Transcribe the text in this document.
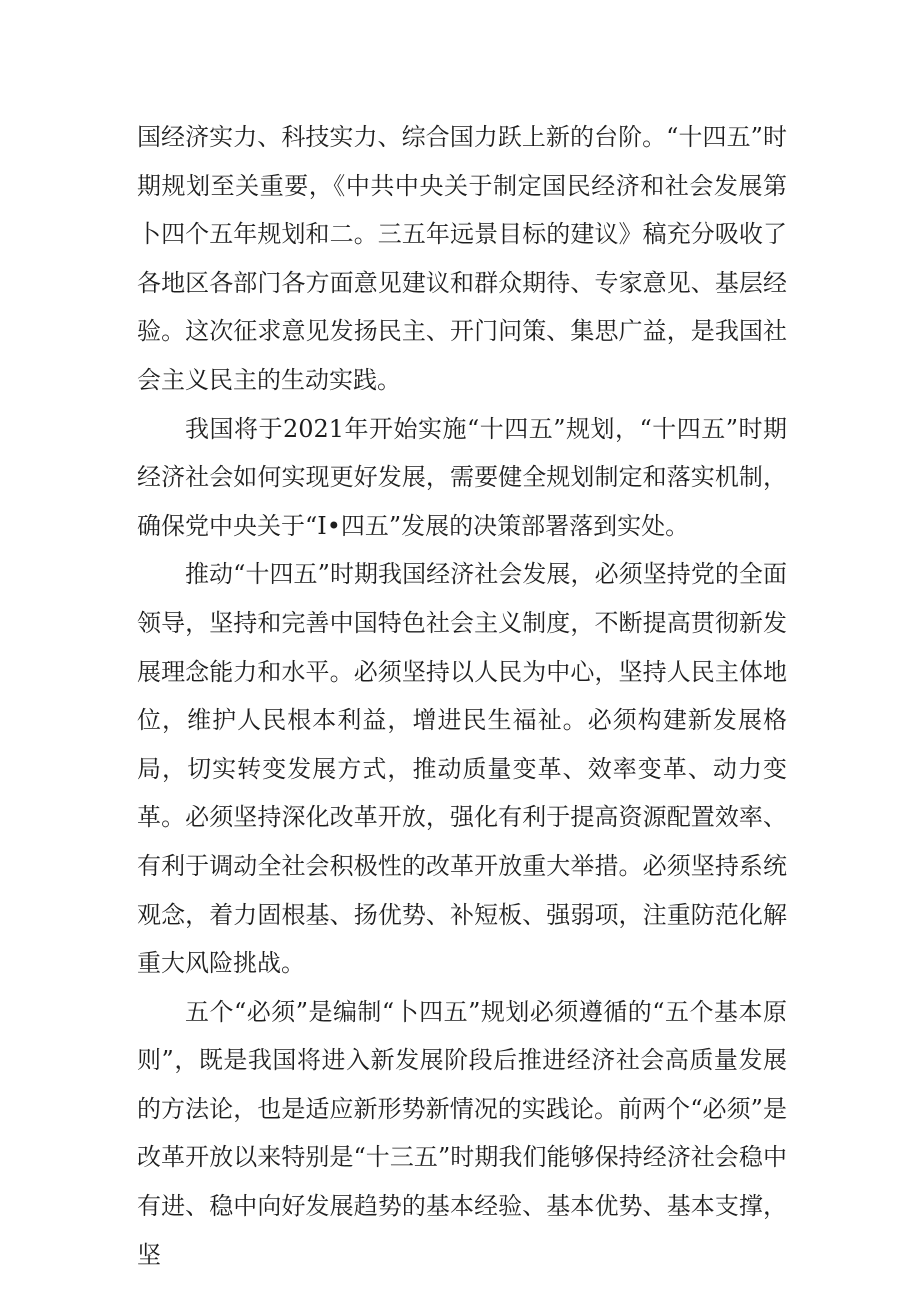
国经济实力、科技实力、综合国力跃上新的台阶。“十四五”时期规划至关重要，《中共中央关于制定国民经济和社会发展第卜四个五年规划和二。三五年远景目标的建议》稿充分吸收了各地区各部门各方面意见建议和群众期待、专家意见、基层经验。这次征求意见发扬民主、开门问策、集思广益，是我国社会主义民主的生动实践。

我国将于2021年开始实施“十四五”规划，“十四五”时期经济社会如何实现更好发展，需要健全规划制定和落实机制，确保党中央关于“I•四五”发展的决策部署落到实处。

推动“十四五”时期我国经济社会发展，必须坚持党的全面领导，坚持和完善中国特色社会主义制度，不断提高贯彻新发展理念能力和水平。必须坚持以人民为中心，坚持人民主体地位，维护人民根本利益，增进民生福祉。必须构建新发展格局，切实转变发展方式，推动质量变革、效率变革、动力变革。必须坚持深化改革开放，强化有利于提高资源配置效率、有利于调动全社会积极性的改革开放重大举措。必须坚持系统观念，着力固根基、扬优势、补短板、强弱项，注重防范化解重大风险挑战。

五个“必须”是编制“卜四五”规划必须遵循的“五个基本原则”，既是我国将进入新发展阶段后推进经济社会高质量发展的方法论，也是适应新形势新情况的实践论。前两个“必须”是改革开放以来特别是“十三五”时期我们能够保持经济社会稳中有进、稳中向好发展趋势的基本经验、基本优势、基本支撑，坚
